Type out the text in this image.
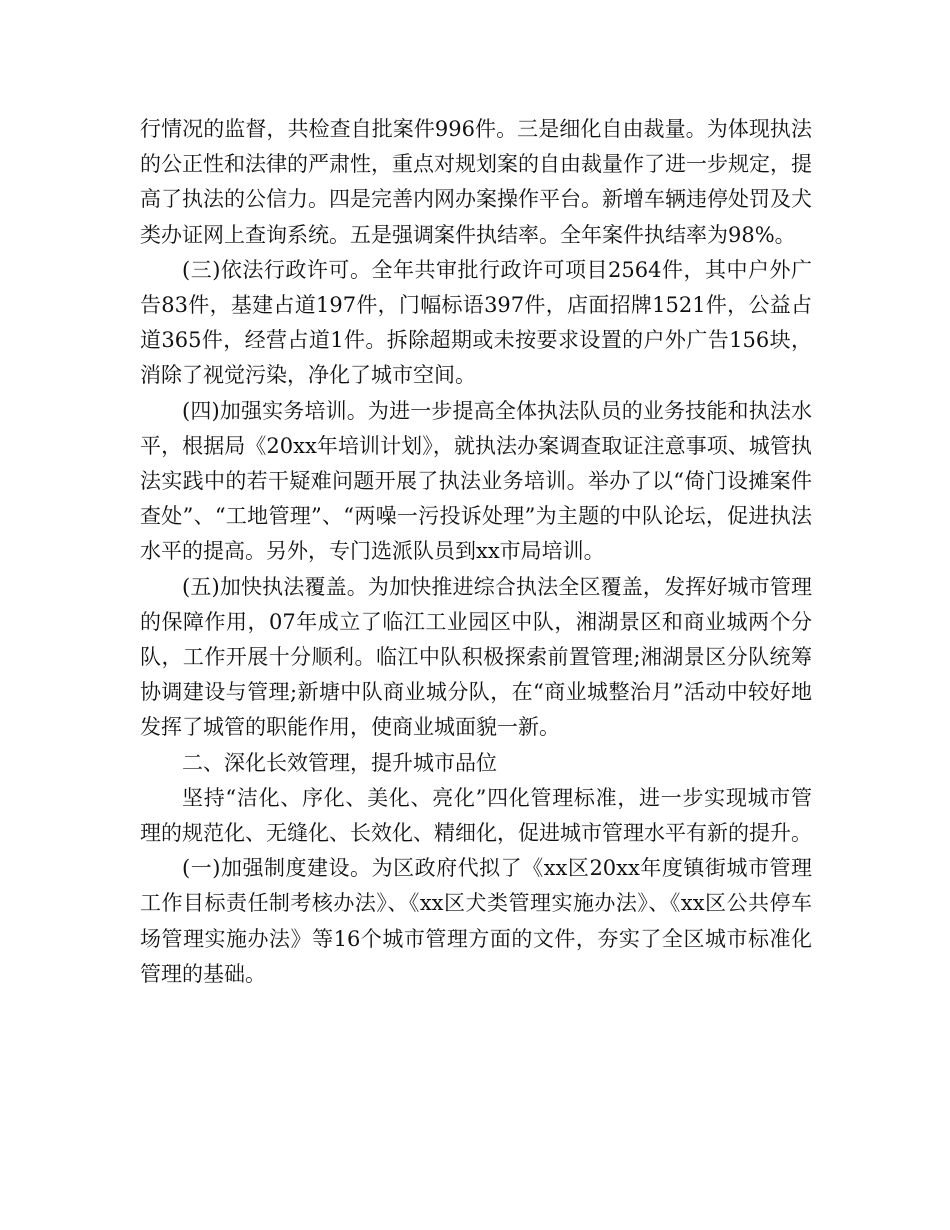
行情况的监督，共检查自批案件996件。三是细化自由裁量。为体现执法的公正性和法律的严肃性，重点对规划案的自由裁量作了进一步规定，提高了执法的公信力。四是完善内网办案操作平台。新增车辆违停处罚及犬类办证网上查询系统。五是强调案件执结率。全年案件执结率为98%。

(三)依法行政许可。全年共审批行政许可项目2564件，其中户外广告83件，基建占道197件，门幅标语397件，店面招牌1521件，公益占道365件，经营占道1件。拆除超期或未按要求设置的户外广告156块，消除了视觉污染，净化了城市空间。

(四)加强实务培训。为进一步提高全体执法队员的业务技能和执法水平，根据局《20xx年培训计划》，就执法办案调查取证注意事项、城管执法实践中的若干疑难问题开展了执法业务培训。举办了以“倚门设摊案件查处”、“工地管理”、“两噪一污投诉处理”为主题的中队论坛，促进执法水平的提高。另外，专门选派队员到xx市局培训。

(五)加快执法覆盖。为加快推进综合执法全区覆盖，发挥好城市管理的保障作用，07年成立了临江工业园区中队，湘湖景区和商业城两个分队，工作开展十分顺利。临江中队积极探索前置管理;湘湖景区分队统筹协调建设与管理;新塘中队商业城分队，在“商业城整治月”活动中较好地发挥了城管的职能作用，使商业城面貌一新。

二、深化长效管理，提升城市品位

坚持“洁化、序化、美化、亮化”四化管理标准，进一步实现城市管理的规范化、无缝化、长效化、精细化，促进城市管理水平有新的提升。

(一)加强制度建设。为区政府代拟了《xx区20xx年度镇街城市管理工作目标责任制考核办法》、《xx区犬类管理实施办法》、《xx区公共停车场管理实施办法》等16个城市管理方面的文件，夯实了全区城市标准化管理的基础。
